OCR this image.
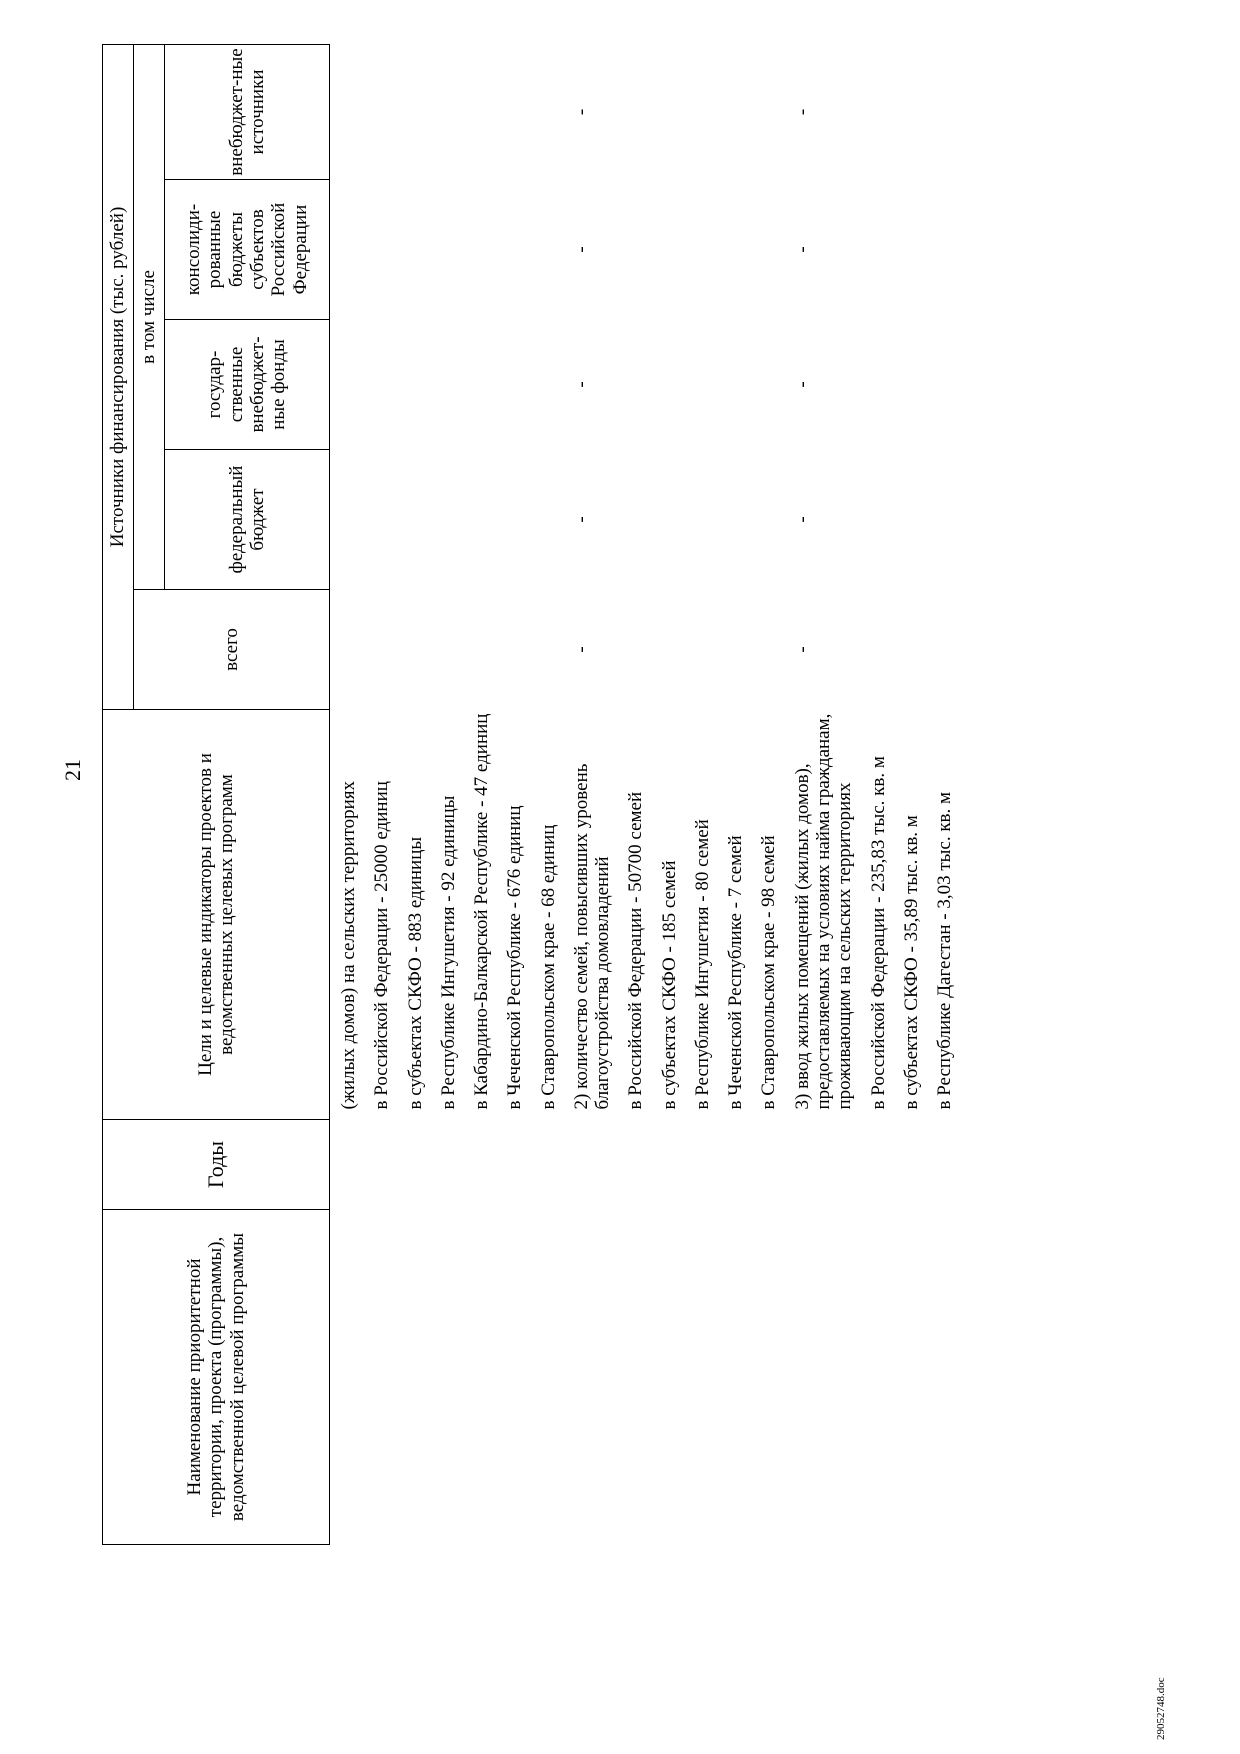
21
Наименование приоритетной территории, проекта (программы), ведомственной целевой программы	Годы	Цели и целевые индикаторы проектов и ведомственных целевых программ	Источники финансирования (тыс. рублей)				
			всего	в том числе			
				федеральный бюджет	государ-ственные внебюджет-ные фонды	консолиди-рованные бюджеты субъектов Российской Федерации	внебюджет-ные источники
		(жилых домов) на сельских территориях					
		в Российской Федерации - 25000 единиц					
		в субъектах СКФО - 883 единицы					
		в Республике Ингушетия - 92 единицы					
		в Кабардино-Балкарской Республике - 47 единиц					
		в Чеченской Республике - 676 единиц					
		в Ставропольском крае - 68 единиц					
		2) количество семей, повысивших уровень благоустройства домовладений	-	-	-	-	-
		в Российской Федерации - 50700 семей					
		в субъектах СКФО - 185 семей					
		в Республике Ингушетия - 80 семей					
		в Чеченской Республике - 7 семей					
		в Ставропольском крае - 98 семей					
		3) ввод жилых помещений (жилых домов), предоставляемых на условиях найма гражданам, проживающим на сельских территориях	-	-	-	-	-
		в Российской Федерации - 235,83 тыс. кв. м					
		в субъектах СКФО - 35,89 тыс. кв. м					
		в Республике Дагестан - 3,03 тыс. кв. м					
29052748.doc
